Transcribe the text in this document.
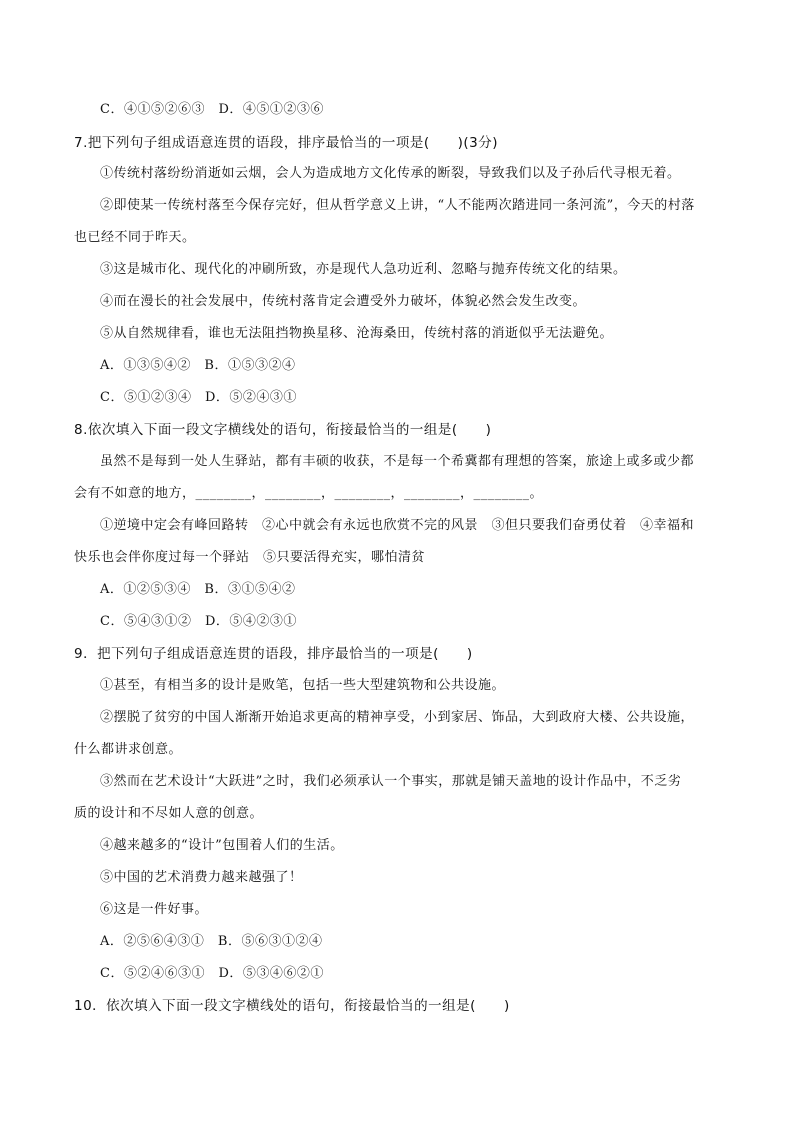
C．④①⑤②⑥③　D．④⑤①②③⑥
7.把下列句子组成语意连贯的语段，排序最恰当的一项是(　　)(3分)
①传统村落纷纷消逝如云烟，会人为造成地方文化传承的断裂，导致我们以及子孙后代寻根无着。
②即使某一传统村落至今保存完好，但从哲学意义上讲，“人不能两次踏进同一条河流”，今天的村落
也已经不同于昨天。
③这是城市化、现代化的冲刷所致，亦是现代人急功近利、忽略与抛弃传统文化的结果。
④而在漫长的社会发展中，传统村落肯定会遭受外力破坏，体貌必然会发生改变。
⑤从自然规律看，谁也无法阻挡物换星移、沧海桑田，传统村落的消逝似乎无法避免。
A．①③⑤④②　B．①⑤③②④
C．⑤①②③④　D．⑤②④③①
8.依次填入下面一段文字横线处的语句，衔接最恰当的一组是(　　)
虽然不是每到一处人生驿站，都有丰硕的收获，不是每一个希冀都有理想的答案，旅途上或多或少都
会有不如意的地方，________，________，________，________，________。
①逆境中定会有峰回路转　②心中就会有永远也欣赏不完的风景　③但只要我们奋勇仗着　④幸福和
快乐也会伴你度过每一个驿站　⑤只要活得充实，哪怕清贫
A．①②⑤③④　B．③①⑤④②
C．⑤④③①②　D．⑤④②③①
9．把下列句子组成语意连贯的语段，排序最恰当的一项是(　　)
①甚至，有相当多的设计是败笔，包括一些大型建筑物和公共设施。
②摆脱了贫穷的中国人渐渐开始追求更高的精神享受，小到家居、饰品，大到政府大楼、公共设施，
什么都讲求创意。
③然而在艺术设计“大跃进”之时，我们必须承认一个事实，那就是铺天盖地的设计作品中，不乏劣
质的设计和不尽如人意的创意。
④越来越多的“设计”包围着人们的生活。
⑤中国的艺术消费力越来越强了！
⑥这是一件好事。
A．②⑤⑥④③①　B．⑤⑥③①②④
C．⑤②④⑥③①　D．⑤③④⑥②①
10．依次填入下面一段文字横线处的语句，衔接最恰当的一组是(　　)
